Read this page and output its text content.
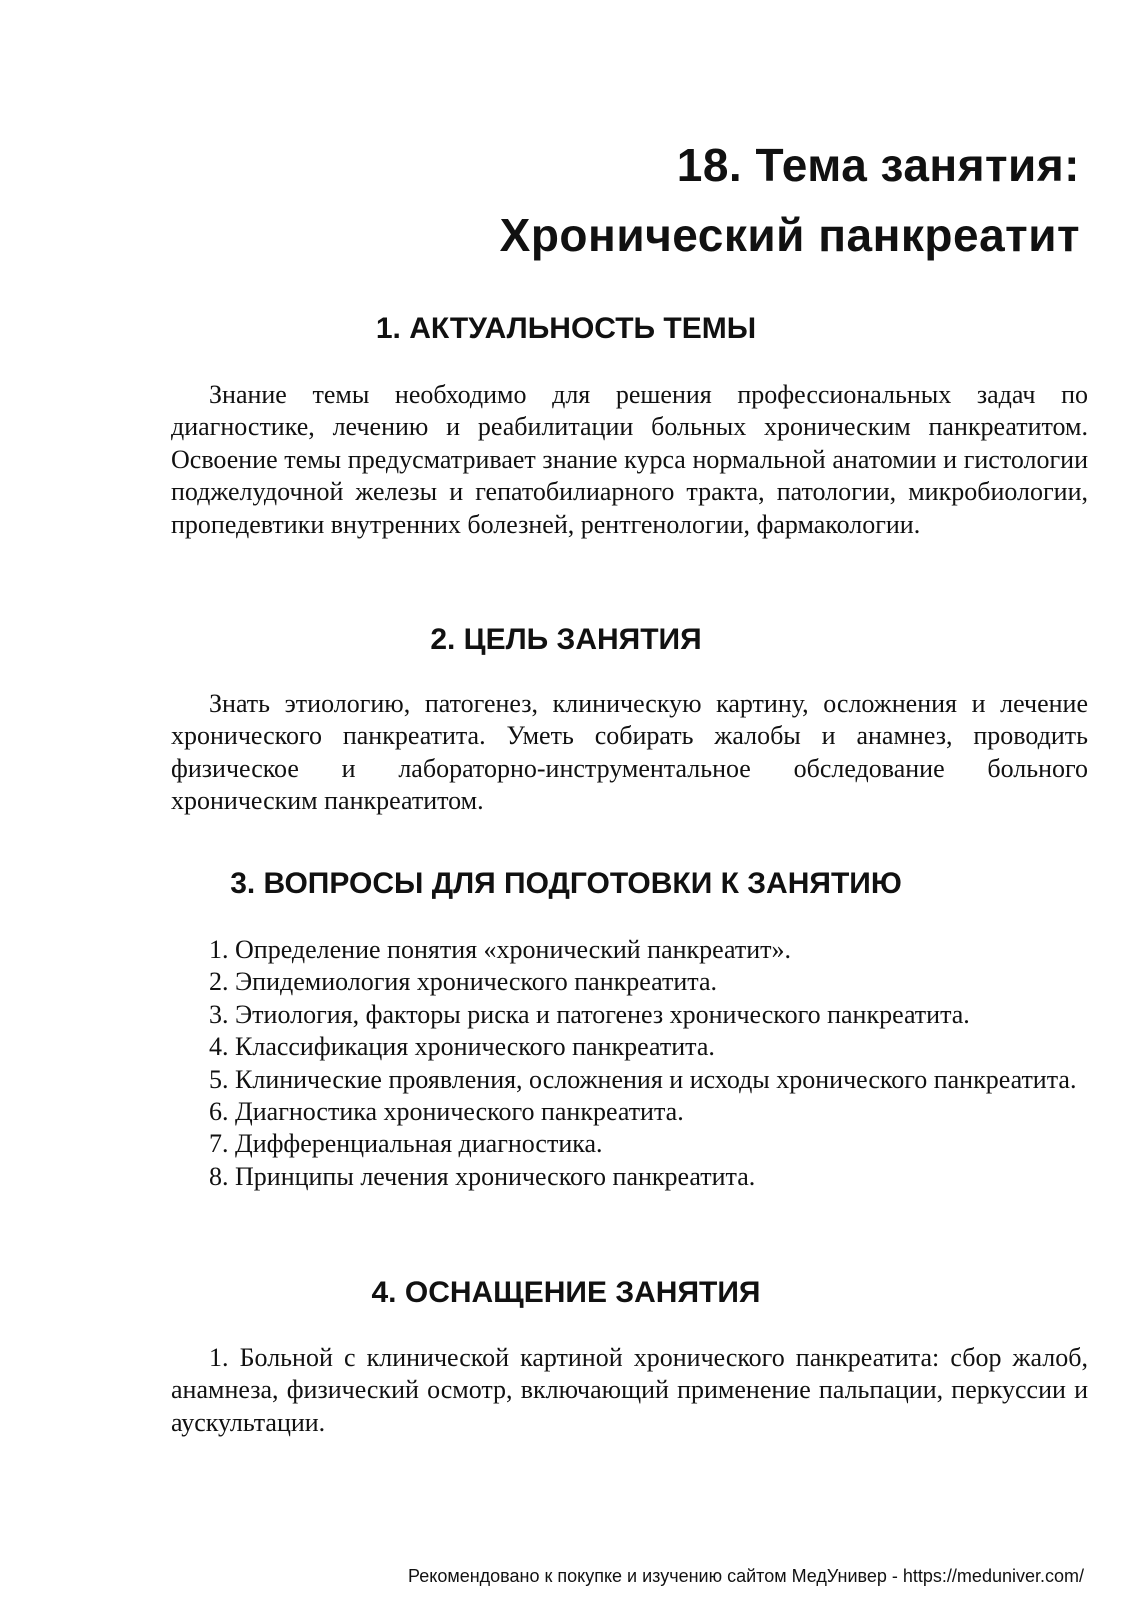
18. Тема занятия:
Хронический панкреатит
1. АКТУАЛЬНОСТЬ ТЕМЫ

Знание темы необходимо для решения профессиональных задач по диагностике, лечению и реабилитации больных хроническим панкреатитом. Освоение темы предусматривает знание курса нормальной анатомии и гистологии поджелудочной железы и гепатобилиарного тракта, патологии, микробиологии, пропедевтики внутренних болезней, рентгенологии, фармакологии.

2. ЦЕЛЬ ЗАНЯТИЯ

Знать этиологию, патогенез, клиническую картину, осложнения и лечение хронического панкреатита. Уметь собирать жалобы и анамнез, проводить физическое и лабораторно-инструментальное обследование больного хроническим панкреатитом.

3. ВОПРОСЫ ДЛЯ ПОДГОТОВКИ К ЗАНЯТИЮ
1. Определение понятия «хронический панкреатит».
2. Эпидемиология хронического панкреатита.
3. Этиология, факторы риска и патогенез хронического панкреатита.
4. Классификация хронического панкреатита.
5. Клинические проявления, осложнения и исходы хронического панкреатита.
6. Диагностика хронического панкреатита.
7. Дифференциальная диагностика.
8. Принципы лечения хронического панкреатита.
4. ОСНАЩЕНИЕ ЗАНЯТИЯ

1. Больной с клинической картиной хронического панкреатита: сбор жалоб, анамнеза, физический осмотр, включающий применение пальпации, перкуссии и аускультации.

Рекомендовано к покупке и изучению сайтом МедУнивер - https://meduniver.com/
